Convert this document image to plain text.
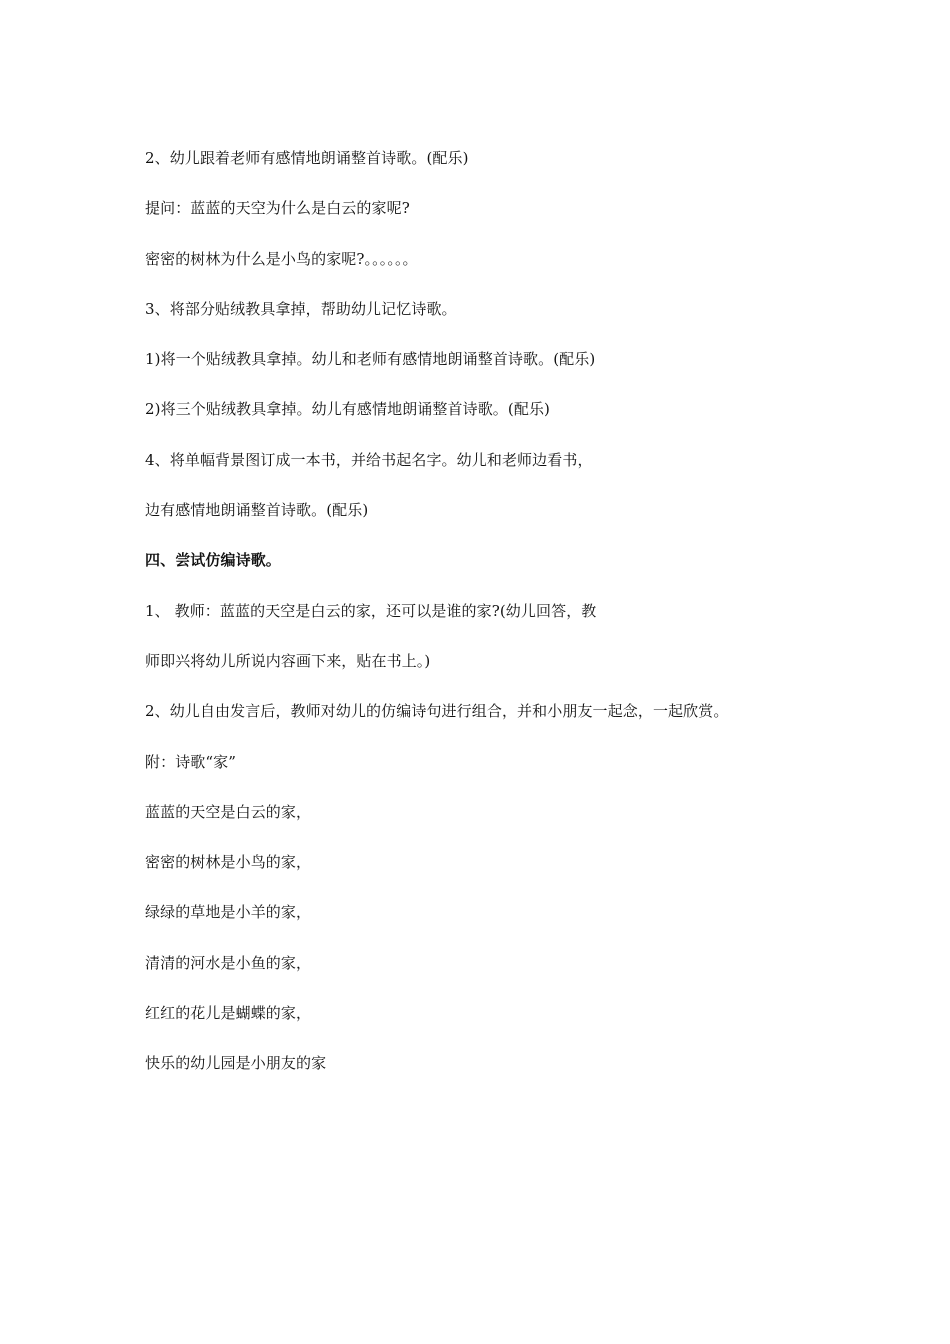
2、幼儿跟着老师有感情地朗诵整首诗歌。(配乐)
提问：蓝蓝的天空为什么是白云的家呢?
密密的树林为什么是小鸟的家呢?。。。。。。
3、将部分贴绒教具拿掉，帮助幼儿记忆诗歌。
1)将一个贴绒教具拿掉。幼儿和老师有感情地朗诵整首诗歌。(配乐)
2)将三个贴绒教具拿掉。幼儿有感情地朗诵整首诗歌。(配乐)
4、将单幅背景图订成一本书，并给书起名字。幼儿和老师边看书，
边有感情地朗诵整首诗歌。(配乐)
四、尝试仿编诗歌。
1、 教师：蓝蓝的天空是白云的家，还可以是谁的家?(幼儿回答，教
师即兴将幼儿所说内容画下来，贴在书上。)
2、幼儿自由发言后，教师对幼儿的仿编诗句进行组合，并和小朋友一起念，一起欣赏。
附：诗歌“家”
蓝蓝的天空是白云的家，
密密的树林是小鸟的家，
绿绿的草地是小羊的家，
清清的河水是小鱼的家，
红红的花儿是蝴蝶的家，
快乐的幼儿园是小朋友的家
